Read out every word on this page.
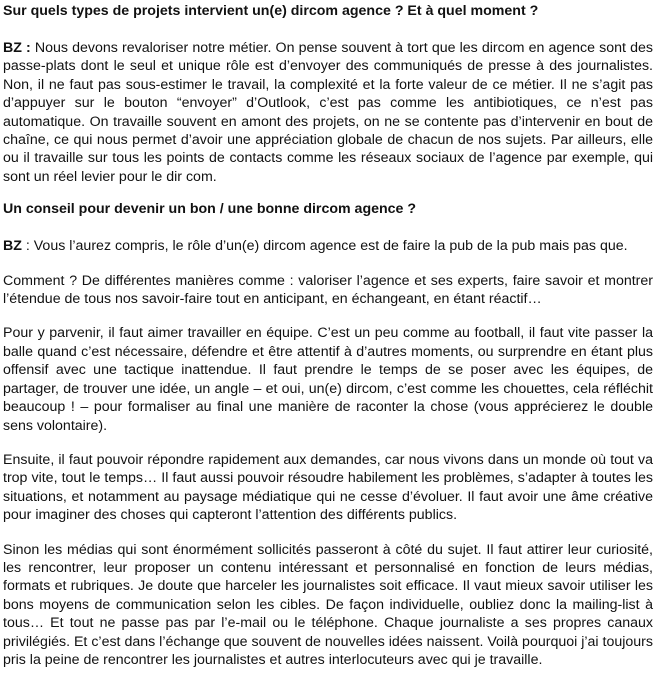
Sur quels types de projets intervient un(e) dircom agence ? Et à quel moment ?

BZ : Nous devons revaloriser notre métier. On pense souvent à tort que les dircom en agence sont des passe-plats dont le seul et unique rôle est d’envoyer des communiqués de presse à des journalistes. Non, il ne faut pas sous-estimer le travail, la complexité et la forte valeur de ce métier. Il ne s’agit pas d’appuyer sur le bouton “envoyer” d’Outlook, c’est pas comme les antibiotiques, ce n’est pas automatique. On travaille souvent en amont des projets, on ne se contente pas d’intervenir en bout de chaîne, ce qui nous permet d’avoir une appréciation globale de chacun de nos sujets. Par ailleurs, elle ou il travaille sur tous les points de contacts comme les réseaux sociaux de l’agence par exemple, qui sont un réel levier pour le dir com.

Un conseil pour devenir un bon / une bonne dircom agence ?

BZ : Vous l’aurez compris, le rôle d’un(e) dircom agence est de faire la pub de la pub mais pas que.

Comment ? De différentes manières comme : valoriser l’agence et ses experts, faire savoir et montrer l’étendue de tous nos savoir-faire tout en anticipant, en échangeant, en étant réactif…

Pour y parvenir, il faut aimer travailler en équipe. C’est un peu comme au football, il faut vite passer la balle quand c’est nécessaire, défendre et être attentif à d’autres moments, ou surprendre en étant plus offensif avec une tactique inattendue. Il faut prendre le temps de se poser avec les équipes, de partager, de trouver une idée, un angle – et oui, un(e) dircom, c’est comme les chouettes, cela réfléchit beaucoup ! – pour formaliser au final une manière de raconter la chose (vous apprécierez le double sens volontaire).

Ensuite, il faut pouvoir répondre rapidement aux demandes, car nous vivons dans un monde où tout va trop vite, tout le temps… Il faut aussi pouvoir résoudre habilement les problèmes, s’adapter à toutes les situations, et notamment au paysage médiatique qui ne cesse d’évoluer. Il faut avoir une âme créative pour imaginer des choses qui capteront l’attention des différents publics.

Sinon les médias qui sont énormément sollicités passeront à côté du sujet. Il faut attirer leur curiosité, les rencontrer, leur proposer un contenu intéressant et personnalisé en fonction de leurs médias, formats et rubriques. Je doute que harceler les journalistes soit efficace. Il vaut mieux savoir utiliser les bons moyens de communication selon les cibles. De façon individuelle, oubliez donc la mailing-list à tous… Et tout ne passe pas par l’e-mail ou le téléphone. Chaque journaliste a ses propres canaux privilégiés. Et c’est dans l’échange que souvent de nouvelles idées naissent. Voilà pourquoi j’ai toujours pris la peine de rencontrer les journalistes et autres interlocuteurs avec qui je travaille.
